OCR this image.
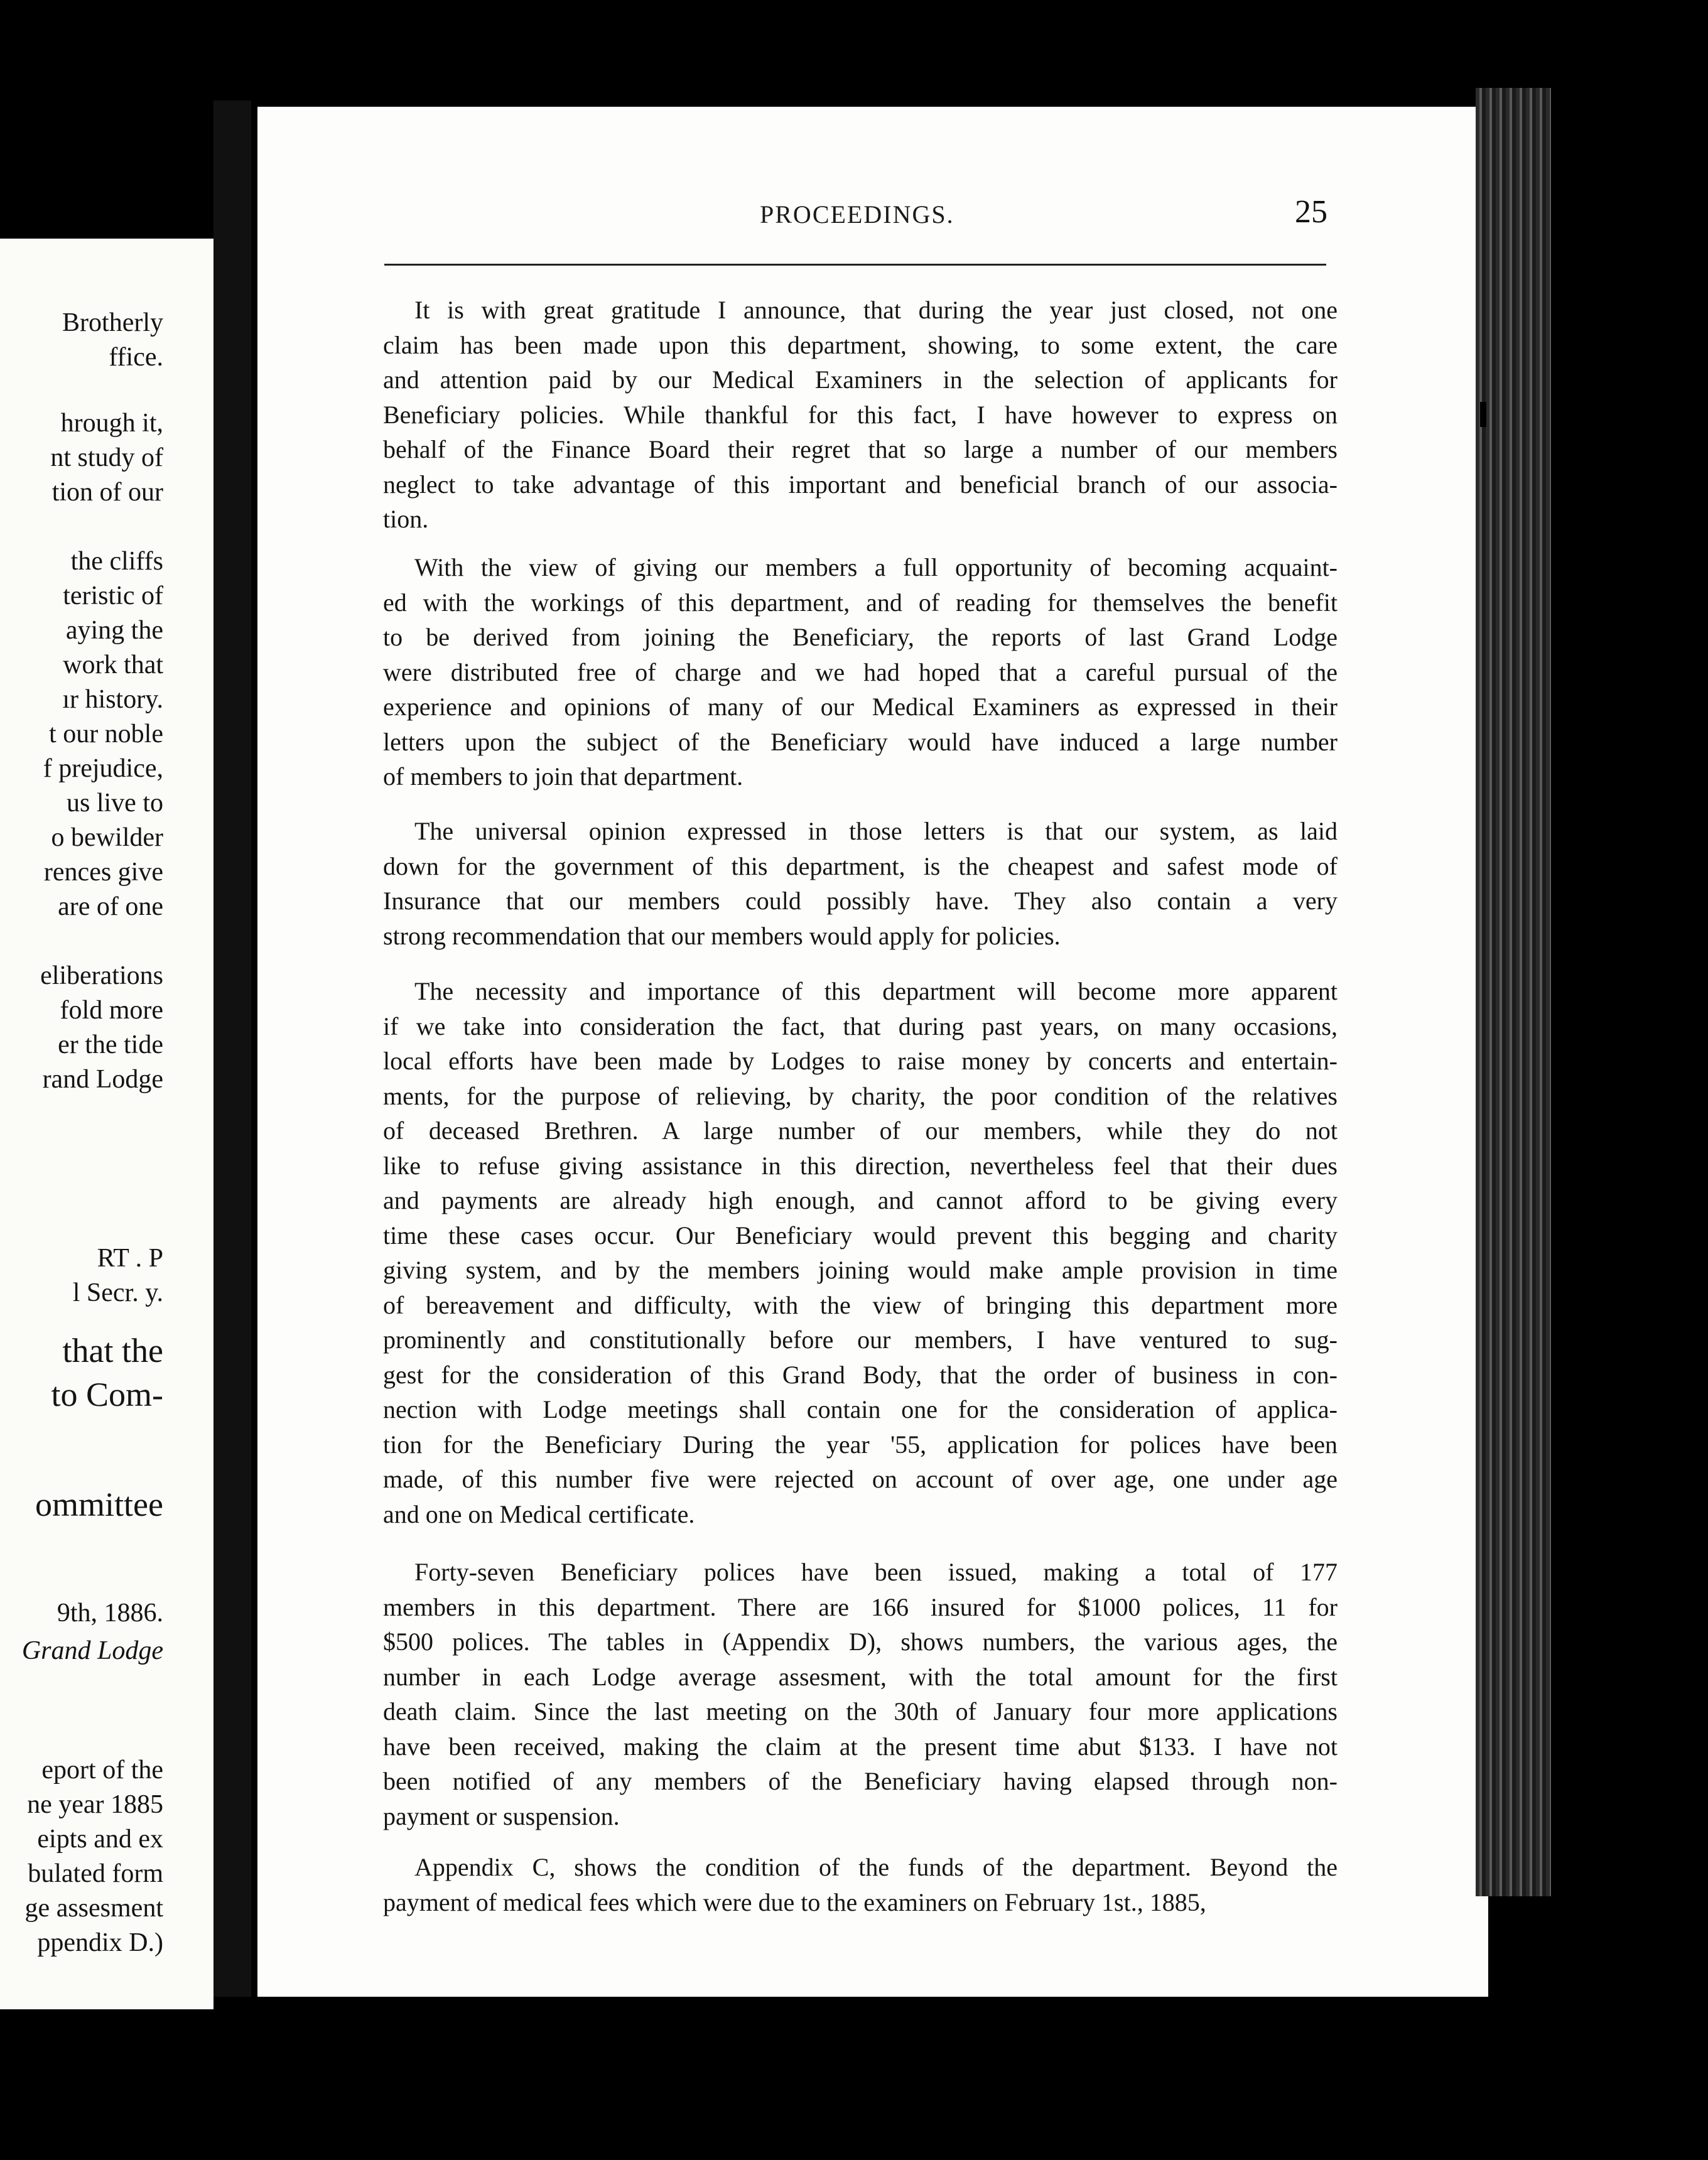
Brotherly
ffice.
hrough it,
nt study of
tion of our
the cliffs
teristic of
aying the
work that
ır history.
t our noble
f prejudice,
us live to
o bewilder
rences give
are of one
eliberations
fold more
er the tide
rand Lodge
RT . P
l Secr. y.
that the
to Com-
ommittee
9th, 1886.
Grand Lodge
eport of the
ne year 1885
eipts and ex
bulated form
ge assesment
ppendix D.)
PROCEEDINGS.	25
It is with great gratitude I announce, that during the year just closed, not one
claim has been made upon this department, showing, to some extent, the care
and attention paid by our Medical Examiners in the selection of applicants for
Beneficiary policies. While thankful for this fact, I have however to express on
behalf of the Finance Board their regret that so large a number of our members
neglect to take advantage of this important and beneficial branch of our associa-
tion.
With the view of giving our members a full opportunity of becoming acquaint-
ed with the workings of this department, and of reading for themselves the benefit
to be derived from joining the Beneficiary, the reports of last Grand Lodge
were distributed free of charge and we had hoped that a careful pursual of the
experience and opinions of many of our Medical Examiners as expressed in their
letters upon the subject of the Beneficiary would have induced a large number
of members to join that department.
The universal opinion expressed in those letters is that our system, as laid
down for the government of this department, is the cheapest and safest mode of
Insurance that our members could possibly have. They also contain a very
strong recommendation that our members would apply for policies.
The necessity and importance of this department will become more apparent
if we take into consideration the fact, that during past years, on many occasions,
local efforts have been made by Lodges to raise money by concerts and entertain-
ments, for the purpose of relieving, by charity, the poor condition of the relatives
of deceased Brethren. A large number of our members, while they do not
like to refuse giving assistance in this direction, nevertheless feel that their dues
and payments are already high enough, and cannot afford to be giving every
time these cases occur. Our Beneficiary would prevent this begging and charity
giving system, and by the members joining would make ample provision in time
of bereavement and difficulty, with the view of bringing this department more
prominently and constitutionally before our members, I have ventured to sug-
gest for the consideration of this Grand Body, that the order of business in con-
nection with Lodge meetings shall contain one for the consideration of applica-
tion for the Beneficiary During the year '55, application for polices have been
made, of this number five were rejected on account of over age, one under age
and one on Medical certificate.
Forty-seven Beneficiary polices have been issued, making a total of 177
members in this department. There are 166 insured for $1000 polices, 11 for
$500 polices. The tables in (Appendix D), shows numbers, the various ages, the
number in each Lodge average assesment, with the total amount for the first
death claim. Since the last meeting on the 30th of January four more applications
have been received, making the claim at the present time abut $133. I have not
been notified of any members of the Beneficiary having elapsed through non-
payment or suspension.
Appendix C, shows the condition of the funds of the department. Beyond the
payment of medical fees which were due to the examiners on February 1st., 1885,
